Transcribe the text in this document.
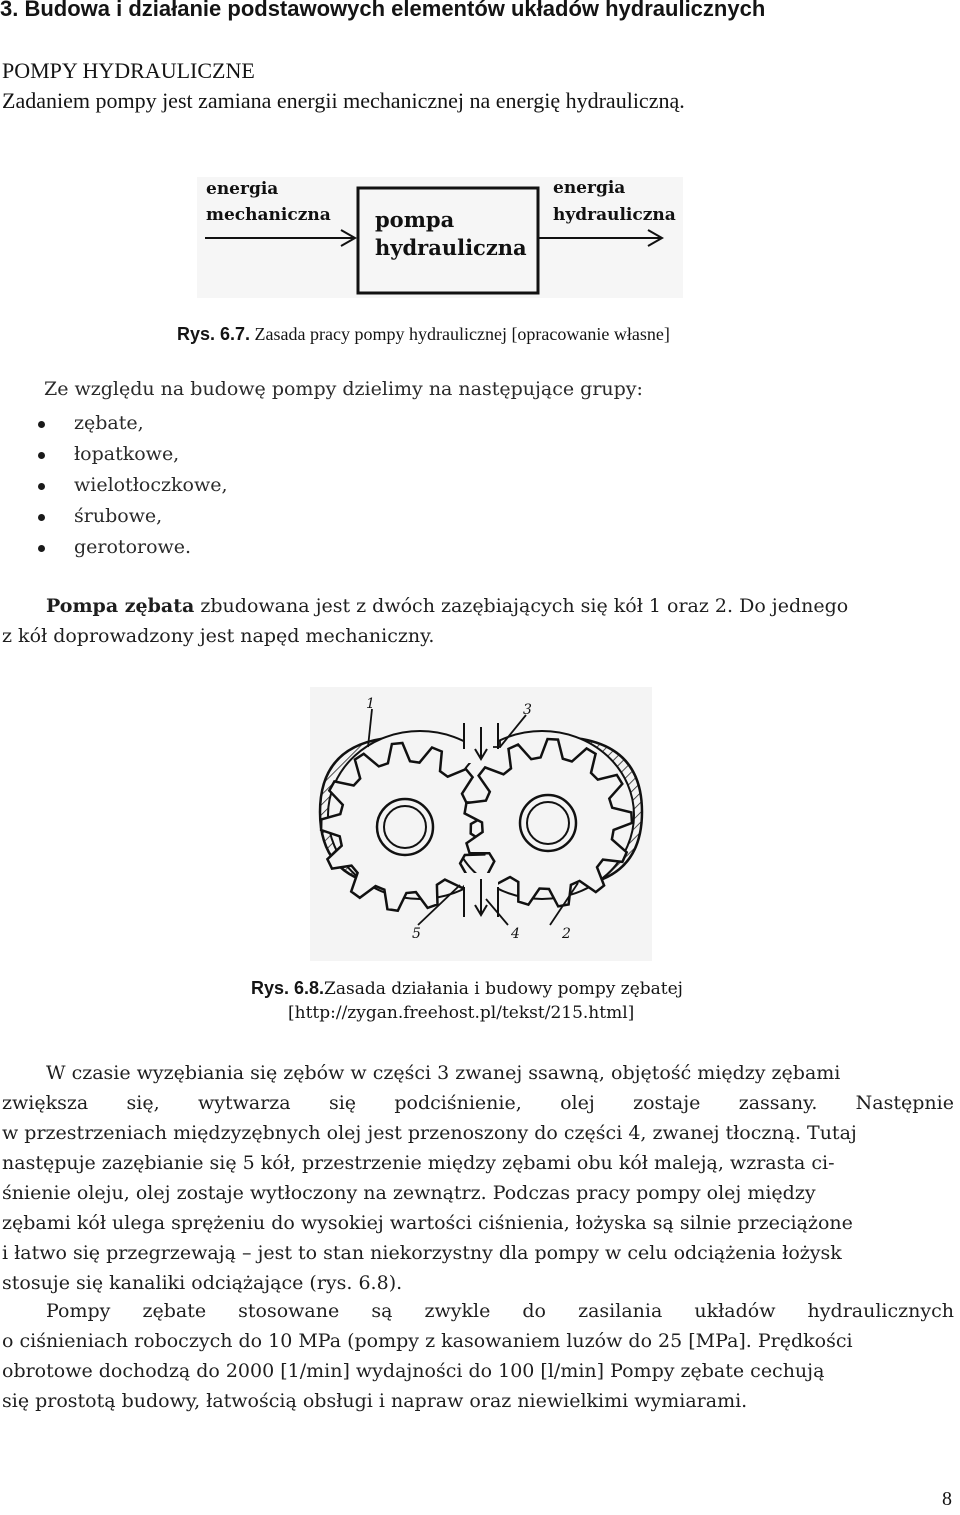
3. Budowa i działanie podstawowych elementów układów hydraulicznych
POMPY HYDRAULICZNE
Zadaniem pompy jest zamiana energii mechanicznej na energię hydrauliczną.
energia
mechaniczna pompa
hydrauliczna
energia
hydrauliczna
Rys. 6.7. Zasada pracy pompy hydraulicznej [opracowanie własne]
Ze względu na budowę pompy dzielimy na następujące grupy:
zębate,
łopatkowe,
wielotłoczkowe,
śrubowe,
gerotorowe.
Pompa zębata zbudowana jest z dwóch zazębiających się kół 1 oraz 2. Do jednego
z kół doprowadzony jest napęd mechaniczny.
1	3
5	4	2
Rys. 6.8.Zasada działania i budowy pompy zębatej
[http://zygan.freehost.pl/tekst/215.html]
W czasie wyzębiania się zębów w części 3 zwanej ssawną, objętość między zębami
zwiększa się, wytwarza się podciśnienie, olej zostaje zassany. Następnie
w przestrzeniach międzyzębnych olej jest przenoszony do części 4, zwanej tłoczną. Tutaj
następuje zazębianie się 5 kół, przestrzenie między zębami obu kół maleją, wzrasta ci-
śnienie oleju, olej zostaje wytłoczony na zewnątrz. Podczas pracy pompy olej między
zębami kół ulega sprężeniu do wysokiej wartości ciśnienia, łożyska są silnie przeciążone
i łatwo się przegrzewają – jest to stan niekorzystny dla pompy w celu odciążenia łożysk
stosuje się kanaliki odciążające (rys. 6.8).
Pompy zębate stosowane są zwykle do zasilania układów hydraulicznych
o ciśnieniach roboczych do 10 MPa (pompy z kasowaniem luzów do 25 [MPa]. Prędkości
obrotowe dochodzą do 2000 [1/min] wydajności do 100 [l/min] Pompy zębate cechują
się prostotą budowy, łatwością obsługi i napraw oraz niewielkimi wymiarami.
8
